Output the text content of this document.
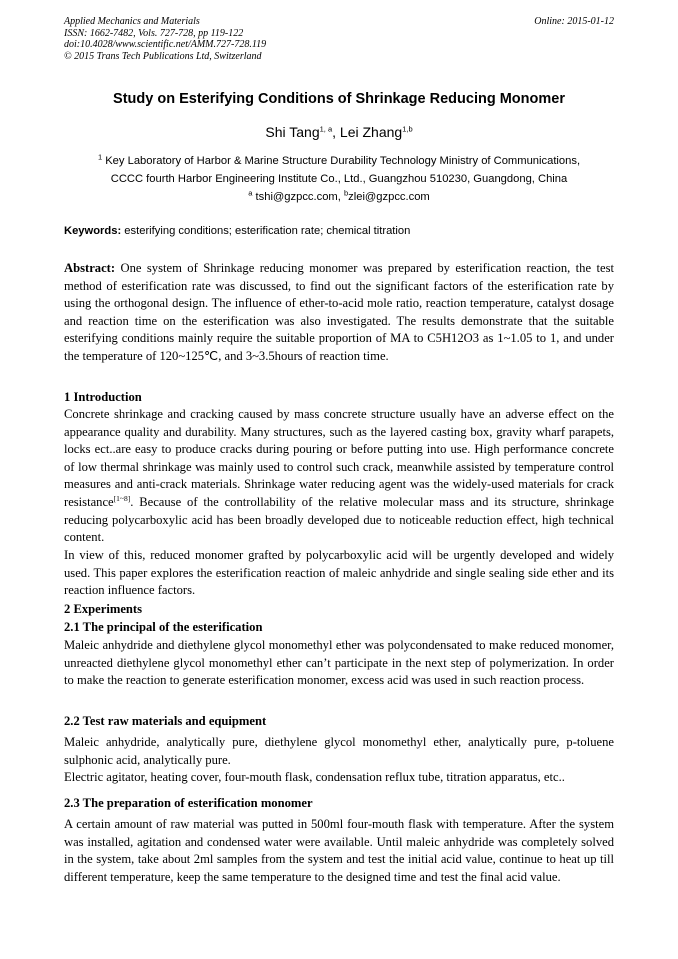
Applied Mechanics and Materials
ISSN: 1662-7482, Vols. 727-728, pp 119-122
doi:10.4028/www.scientific.net/AMM.727-728.119
© 2015 Trans Tech Publications Ltd, Switzerland
Online: 2015-01-12
Study on Esterifying Conditions of Shrinkage Reducing Monomer
Shi Tang$^{1, a}$, Lei Zhang$^{1,b}$
$^1$ Key Laboratory of Harbor & Marine Structure Durability Technology Ministry of Communications,
CCCC fourth Harbor Engineering Institute Co., Ltd., Guangzhou 510230, Guangdong, China
$^a$ tshi@gzpcc.com, $^b$zlei@gzpcc.com
Keywords: esterifying conditions; esterification rate; chemical titration
Abstract: One system of Shrinkage reducing monomer was prepared by esterification reaction, the test method of esterification rate was discussed, to find out the significant factors of the esterification rate by using the orthogonal design. The influence of ether-to-acid mole ratio, reaction temperature, catalyst dosage and reaction time on the esterification was also investigated. The results demonstrate that the suitable esterifying conditions mainly require the suitable proportion of MA to C5H12O3 as 1~1.05 to 1, and under the temperature of 120~125℃, and 3~3.5hours of reaction time.
1 Introduction
Concrete shrinkage and cracking caused by mass concrete structure usually have an adverse effect on the appearance quality and durability. Many structures, such as the layered casting box, gravity wharf parapets, locks ect..are easy to produce cracks during pouring or before putting into use. High performance concrete of low thermal shrinkage was mainly used to control such crack, meanwhile assisted by temperature control measures and anti-crack materials. Shrinkage water reducing agent was the widely-used materials for crack resistance[1~8]. Because of the controllability of the relative molecular mass and its structure, shrinkage reducing polycarboxylic acid has been broadly developed due to noticeable reduction effect, high technical content.
In view of this, reduced monomer grafted by polycarboxylic acid will be urgently developed and widely used. This paper explores the esterification reaction of maleic anhydride and single sealing side ether and its reaction influence factors.
2 Experiments
2.1 The principal of the esterification
Maleic anhydride and diethylene glycol monomethyl ether was polycondensated to make reduced monomer, unreacted diethylene glycol monomethyl ether can’t participate in the next step of polymerization. In order to make the reaction to generate esterification monomer, excess acid was used in such reaction process.
2.2 Test raw materials and equipment
Maleic anhydride, analytically pure, diethylene glycol monomethyl ether, analytically pure, p-toluene sulphonic acid, analytically pure.
Electric agitator, heating cover, four-mouth flask, condensation reflux tube, titration apparatus, etc..
2.3 The preparation of esterification monomer
A certain amount of raw material was putted in 500ml four-mouth flask with temperature. After the system was installed, agitation and condensed water were available. Until maleic anhydride was completely solved in the system, take about 2ml samples from the system and test the initial acid value, continue to heat up till different temperature, keep the same temperature to the designed time and test the final acid value.
